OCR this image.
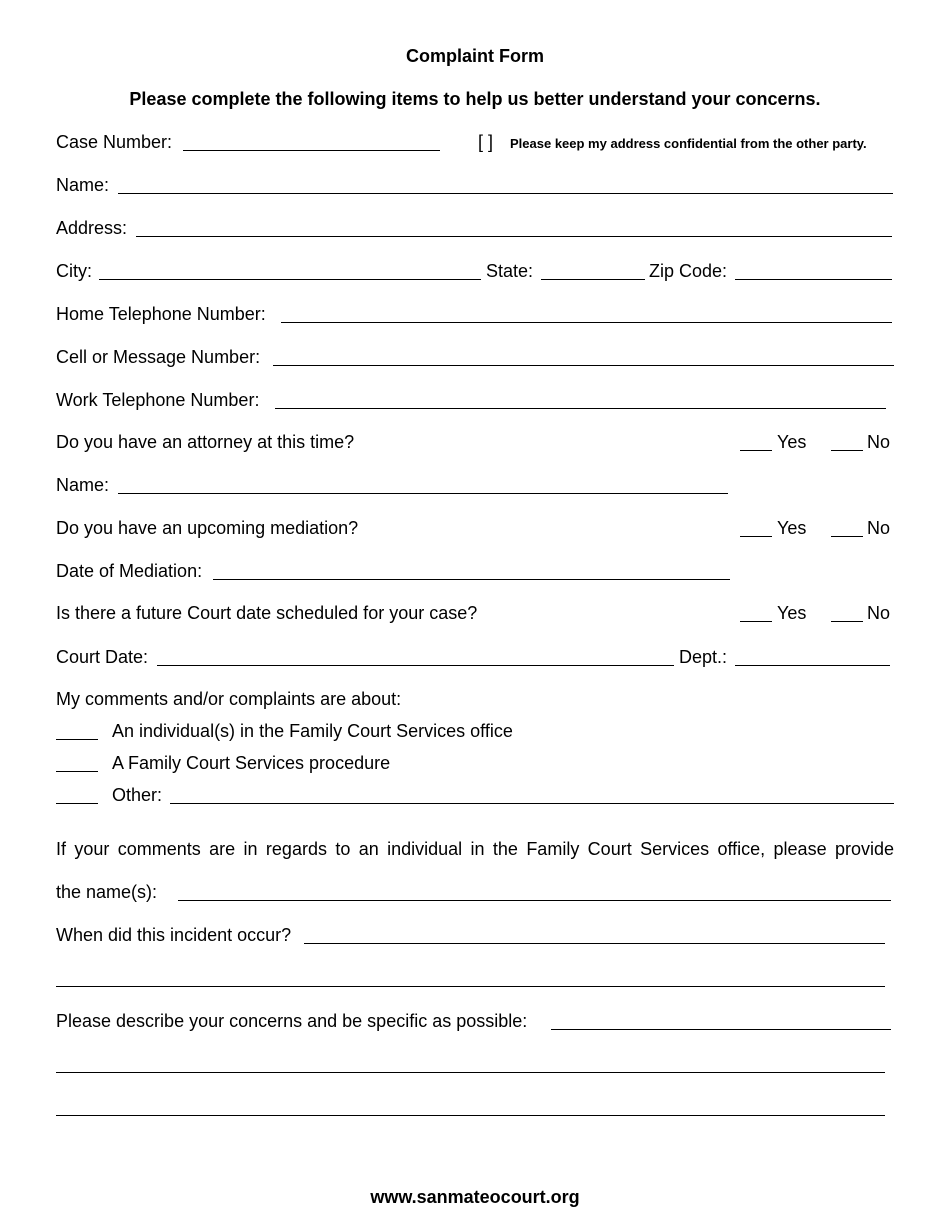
Complaint Form
Please complete the following items to help us better understand your concerns.
Case Number:	[ ] Please keep my address confidential from the other party.
Name:
Address:
City:	State:	Zip Code:
Home Telephone Number:
Cell or Message Number:
Work Telephone Number:
Do you have an attorney at this time?	Yes	No
Name:
Do you have an upcoming mediation?	Yes	No
Date of Mediation:
Is there a future Court date scheduled for your case?	Yes	No
Court Date:	Dept.:
My comments and/or complaints are about:
An individual(s) in the Family Court Services office
A Family Court Services procedure
Other:
If your comments are in regards to an individual in the Family Court Services office, please provide
the name(s):
When did this incident occur?
Please describe your concerns and be specific as possible:
www.sanmateocourt.org
